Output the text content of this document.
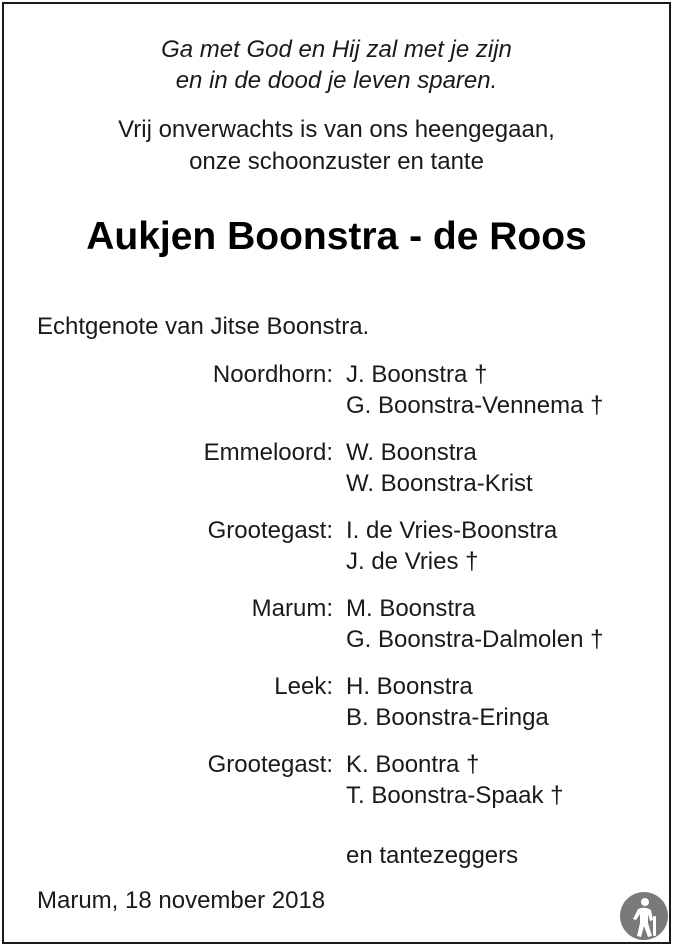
Ga met God en Hij zal met je zijn
en in de dood je leven sparen.
Vrij onverwachts is van ons heengegaan,
onze schoonzuster en tante
Aukjen Boonstra - de Roos
Echtgenote van Jitse Boonstra.
Noordhorn: J. Boonstra †
G. Boonstra-Vennema †
Emmeloord: W. Boonstra
W. Boonstra-Krist
Grootegast: I. de Vries-Boonstra
J. de Vries †
Marum: M. Boonstra
G. Boonstra-Dalmolen †
Leek: H. Boonstra
B. Boonstra-Eringa
Grootegast: K. Boontra †
T. Boonstra-Spaak †
en tantezeggers
Marum, 18 november 2018
